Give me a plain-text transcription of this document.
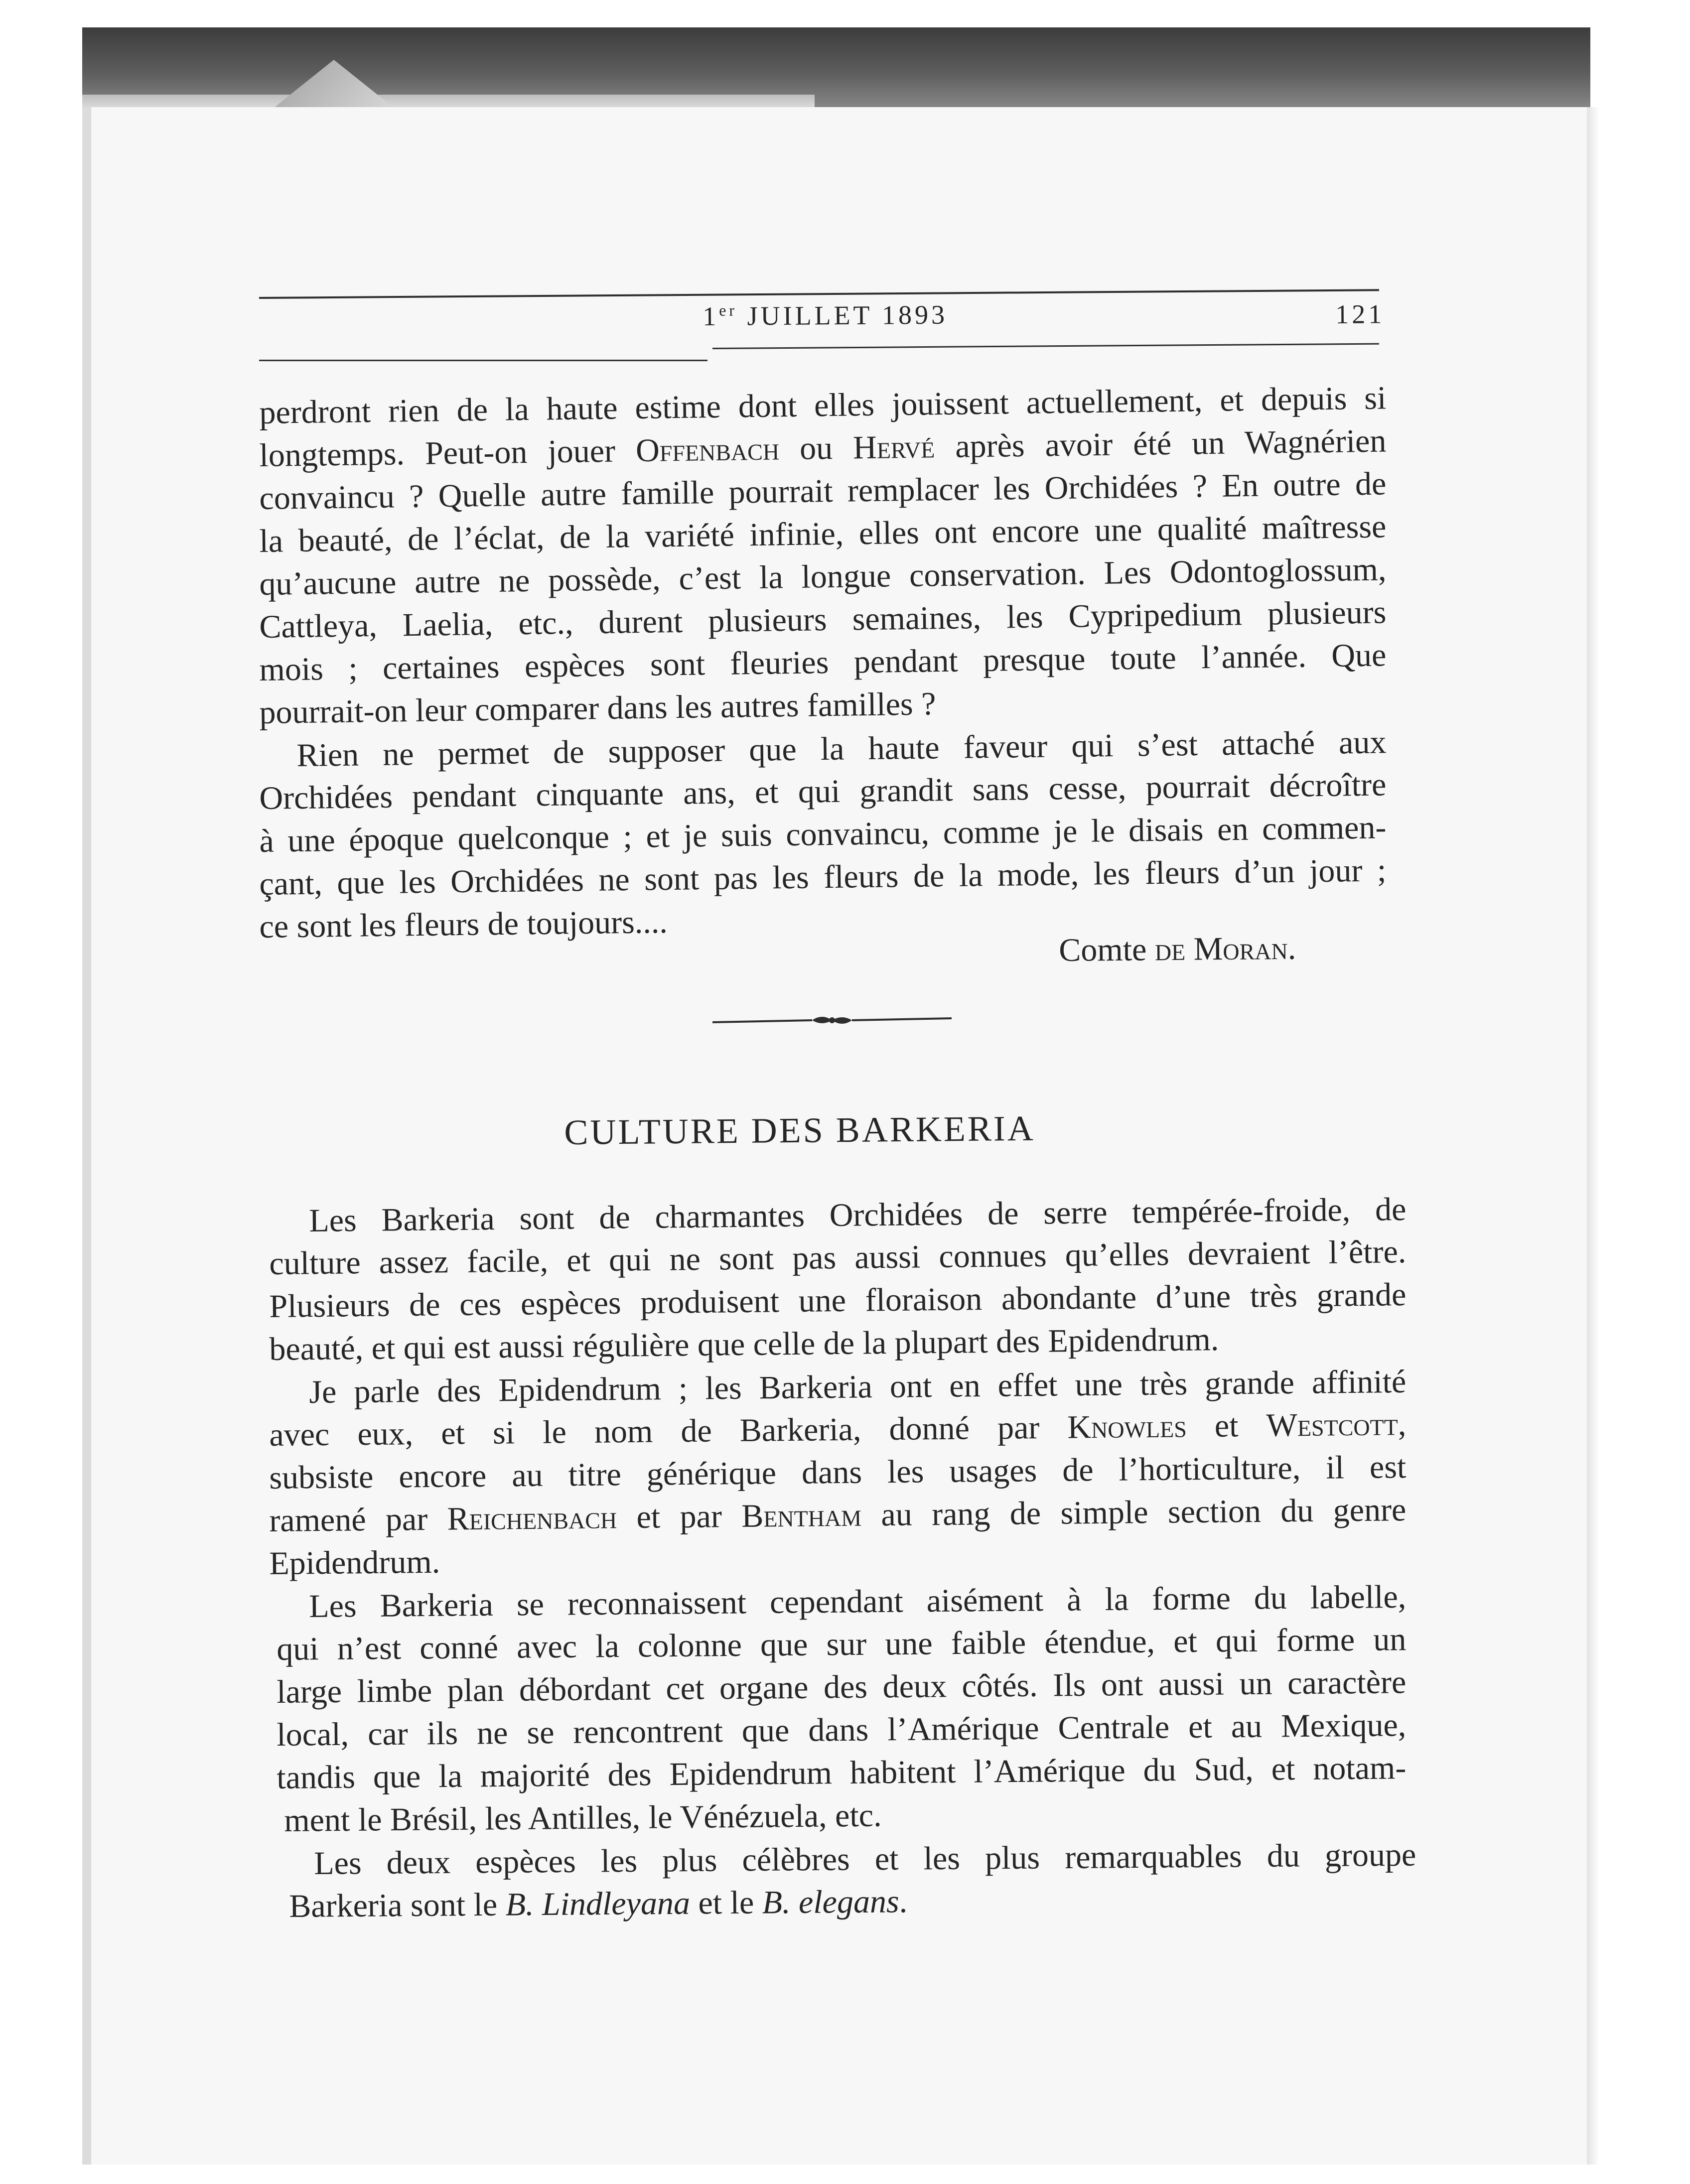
1er JUILLET 1893	121
perdront rien de la haute estime dont elles jouissent actuellement, et depuis si
longtemps. Peut-on jouer Offenbach ou Hervé après avoir été un Wagnérien
convaincu ? Quelle autre famille pourrait remplacer les Orchidées ? En outre de
la beauté, de l’éclat, de la variété infinie, elles ont encore une qualité maîtresse
qu’aucune autre ne possède, c’est la longue conservation. Les Odontoglossum,
Cattleya, Laelia, etc., durent plusieurs semaines, les Cypripedium plusieurs
mois ; certaines espèces sont fleuries pendant presque toute l’année. Que
pourrait-on leur comparer dans les autres familles ?
Rien ne permet de supposer que la haute faveur qui s’est attaché aux
Orchidées pendant cinquante ans, et qui grandit sans cesse, pourrait décroître
à une époque quelconque ; et je suis convaincu, comme je le disais en commen-
çant, que les Orchidées ne sont pas les fleurs de la mode, les fleurs d’un jour ;
ce sont les fleurs de toujours....
Comte de Moran.
CULTURE DES BARKERIA
Les Barkeria sont de charmantes Orchidées de serre tempérée-froide, de
culture assez facile, et qui ne sont pas aussi connues qu’elles devraient l’être.
Plusieurs de ces espèces produisent une floraison abondante d’une très grande
beauté, et qui est aussi régulière que celle de la plupart des Epidendrum.
Je parle des Epidendrum ; les Barkeria ont en effet une très grande affinité
avec eux, et si le nom de Barkeria, donné par Knowles et Westcott,
subsiste encore au titre générique dans les usages de l’horticulture, il est
ramené par Reichenbach et par Bentham au rang de simple section du genre
Epidendrum.
Les Barkeria se reconnaissent cependant aisément à la forme du labelle,
qui n’est conné avec la colonne que sur une faible étendue, et qui forme un
large limbe plan débordant cet organe des deux côtés. Ils ont aussi un caractère
local, car ils ne se rencontrent que dans l’Amérique Centrale et au Mexique,
tandis que la majorité des Epidendrum habitent l’Amérique du Sud, et notam-
ment le Brésil, les Antilles, le Vénézuela, etc.
Les deux espèces les plus célèbres et les plus remarquables du groupe
Barkeria sont le B. Lindleyana et le B. elegans.
